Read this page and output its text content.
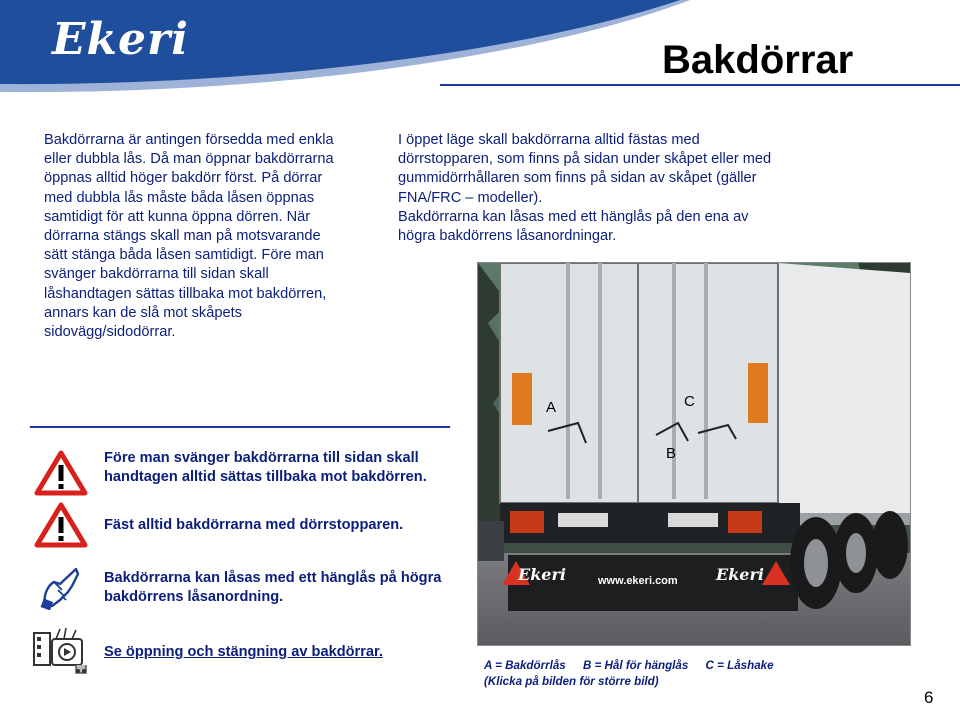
Ekeri	Bakdörrar

Bakdörrarna är antingen försedda med enkla eller dubbla lås. Då man öppnar bakdörrarna öppnas alltid höger bakdörr först. På dörrar med dubbla lås måste båda låsen öppnas samtidigt för att kunna öppna dörren. När dörrarna stängs skall man på motsvarande sätt stänga båda låsen samtidigt. Före man svänger bakdörrarna till sidan skall låshandtagen sättas tillbaka mot bakdörren, annars kan de slå mot skåpets sidovägg/sidodörrar.

I öppet läge skall bakdörrarna alltid fästas med dörrstopparen, som finns på sidan under skåpet eller med gummidörrhållaren som finns på sidan av skåpet (gäller FNA/FRC – modeller).
Bakdörrarna kan låsas med ett hänglås på den ena av högra bakdörrens låsanordningar.

Före man svänger bakdörrarna till sidan skall handtagen alltid sättas tillbaka mot bakdörren.

Fäst alltid bakdörrarna med dörrstopparen.

Bakdörrarna kan låsas med ett hänglås på högra bakdörrens låsanordning.

Se öppning och stängning av bakdörrar.

A	C
B
Ekeri	www.ekeri.com Ekeri
A = Bakdörrlås B = Hål för hänglås C = Låshake
(Klicka på bilden för större bild)
6
